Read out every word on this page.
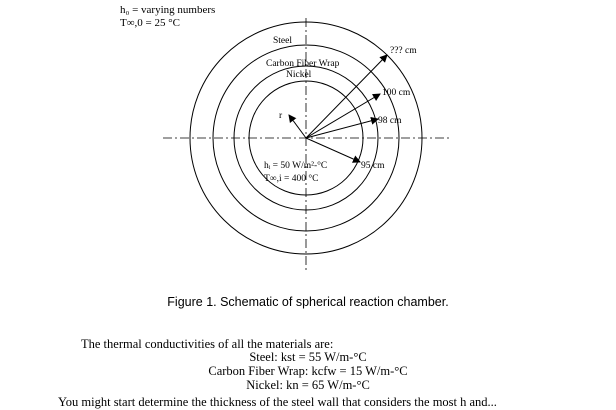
h₀ = varying numbers
T∞,0 = 25 °C
Steel
Carbon Fiber Wrap
Nickel
r
??? cm
100 cm
98 cm
95 cm
hᵢ = 50 W/m²-°C
T∞,i = 400 °C
Figure 1. Schematic of spherical reaction chamber.
The thermal conductivities of all the materials are:
Steel: kst = 55 W/m-°C
Carbon Fiber Wrap: kcfw = 15 W/m-°C
Nickel: kn = 65 W/m-°C
You might start determine the thickness of the steel wall that considers the most h and...
